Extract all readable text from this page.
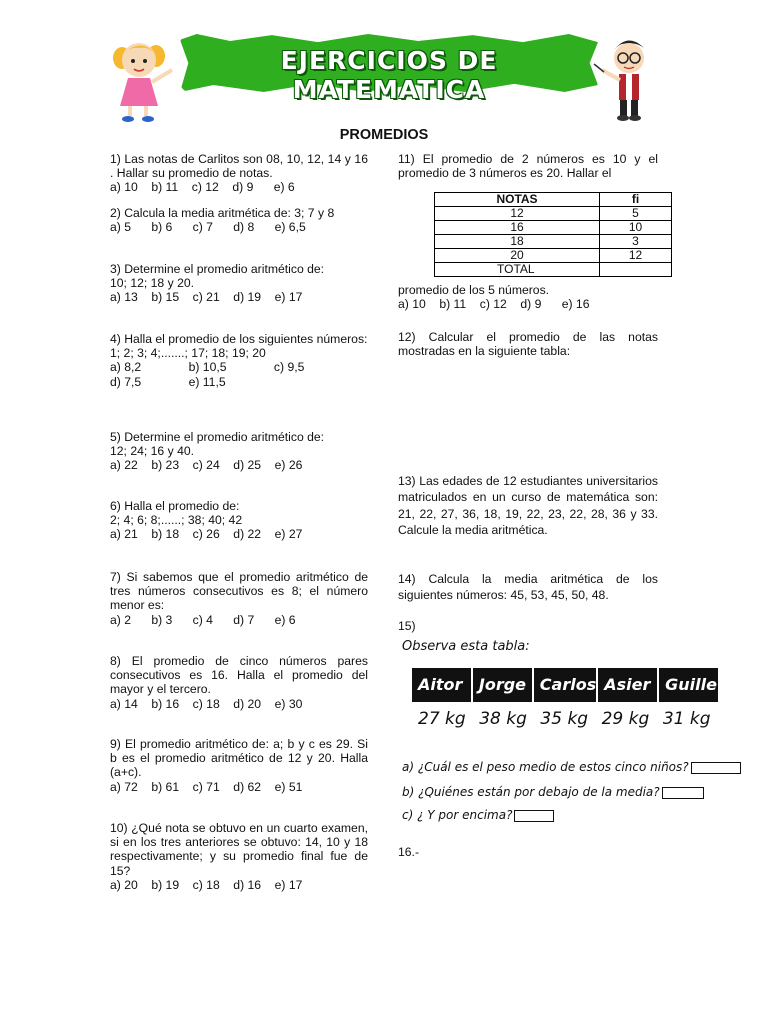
EJERCICIOS DE MATEMATICA
PROMEDIOS

1) Las notas de Carlitos son 08, 10, 12, 14 y 16 . Hallar su promedio de notas.

a) 10    b) 11    c) 12    d) 9      e) 6

2) Calcula la media aritmética de: 3; 7 y 8

a) 5      b) 6      c) 7      d) 8      e) 6,5

3) Determine el promedio aritmético de:

10; 12; 18 y 20.

a) 13    b) 15    c) 21    d) 19    e) 17

4) Halla el promedio de los siguientes números:

1; 2; 3; 4;.......; 17; 18; 19; 20

a) 8,2              b) 10,5              c) 9,5

d) 7,5              e) 11,5

5) Determine el promedio aritmético de:

12; 24; 16 y 40.

a) 22    b) 23    c) 24    d) 25    e) 26

6) Halla el promedio de:

2; 4; 6; 8;......; 38; 40; 42

a) 21    b) 18    c) 26    d) 22    e) 27

7) Si sabemos que el promedio aritmético de tres números consecutivos es 8; el número menor es:

a) 2      b) 3      c) 4      d) 7      e) 6

8) El promedio de cinco números pares consecutivos es 16. Halla el promedio del mayor y el tercero.

a) 14    b) 16    c) 18    d) 20    e) 30

9) El promedio aritmético de: a; b y c es 29. Si b es el promedio aritmético de 12 y 20. Halla (a+c).

a) 72    b) 61    c) 71    d) 62    e) 51

10) ¿Qué nota se obtuvo en un cuarto examen, si en los tres anteriores se obtuvo: 14, 10 y 18 respectivamente; y su promedio final fue de 15?

a) 20    b) 19    c) 18    d) 16    e) 17

11) El promedio de 2 números es 10 y el promedio de 3 números es 20. Hallar el

NOTAS	fi
12	5
16	10
18	3
20	12
TOTAL	

promedio de los 5 números.

a) 10    b) 11    c) 12    d) 9      e) 16

12) Calcular el promedio de las notas mostradas en la siguiente tabla:

13) Las edades de 12 estudiantes universitarios matriculados en un curso de matemática son: 21, 22, 27, 36, 18, 19, 22, 23, 22, 28, 36 y 33. Calcule la media aritmética.

14) Calcula la media aritmética de los siguientes números: 45, 53, 45, 50, 48.

15)

Observa esta tabla:
Aitor	Jorge Carlos Asier Guille
27 kg 38 kg 35 kg 29 kg 31 kg
a) ¿Cuál es el peso medio de estos cinco niños?
b) ¿Quiénes están por debajo de la media?
c) ¿ Y por encima?
16.-
